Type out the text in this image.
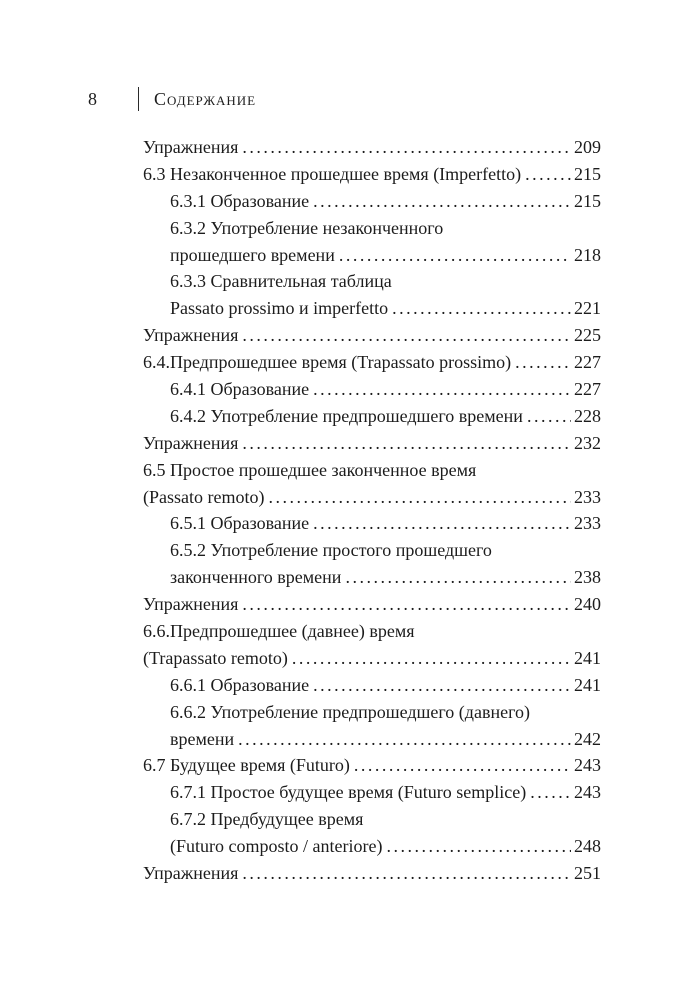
8	Содержание
Упражнения .....	209
6.3 Незаконченное прошедшее время (Imperfetto) .....	215
6.3.1 Образование .....	215
6.3.2 Употребление незаконченного
прошедшего времени .....	218
6.3.3 Сравнительная таблица
Passato prossimo и imperfetto .....	221
Упражнения .....	225
6.4.Предпрошедшее время (Trapassato prossimo) .....	227
6.4.1 Образование .....	227
6.4.2 Употребление предпрошедшего времени .....	228
Упражнения .....	232
6.5 Простое прошедшее законченное время
(Passato remoto) .....	233
6.5.1 Образование .....	233
6.5.2 Употребление простого прошедшего
законченного времени .....	238
Упражнения .....	240
6.6.Предпрошедшее (давнее) время
(Trapassato remoto) .....	241
6.6.1 Образование .....	241
6.6.2 Употребление предпрошедшего (давнего)
времени .....	242
6.7 Будущее время (Futuro) .....	243
6.7.1 Простое будущее время (Futuro semplice) .....	243
6.7.2 Предбудущее время
(Futuro composto / anteriore) .....	248
Упражнения .....	251
